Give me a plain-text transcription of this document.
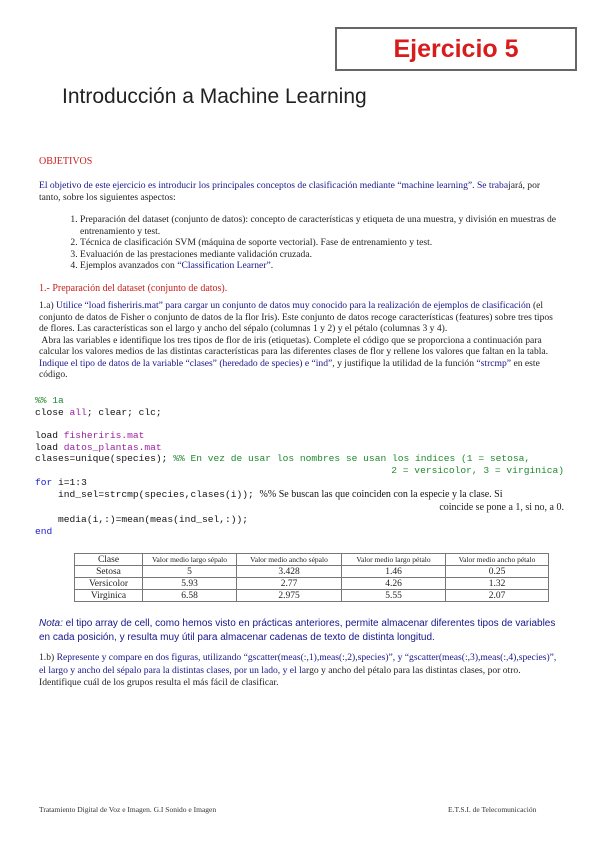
Ejercicio 5
Introducción a Machine Learning
OBJETIVOS
El objetivo de este ejercicio es introducir los principales conceptos de clasificación mediante “machine learning”. Se trabajará, por tanto, sobre los siguientes aspectos:
1. Preparación del dataset (conjunto de datos): concepto de características y etiqueta de una muestra, y división en muestras de entrenamiento y test.
2. Técnica de clasificación SVM (máquina de soporte vectorial). Fase de entrenamiento y test.
3. Evaluación de las prestaciones mediante validación cruzada.
4. Ejemplos avanzados con “Classification Learner”.
1.- Preparación del dataset (conjunto de datos).
1.a) Utilice “load fisheriris.mat” para cargar un conjunto de datos muy conocido para la realización de ejemplos de clasificación (el conjunto de datos de Fisher o conjunto de datos de la flor Iris). Este conjunto de datos recoge características (features) sobre tres tipos de flores. Las características son el largo y ancho del sépalo (columnas 1 y 2) y el pétalo (columnas 3 y 4).
Abra las variables e identifique los tres tipos de flor de iris (etiquetas). Complete el código que se proporciona a continuación para calcular los valores medios de las distintas características para las diferentes clases de flor y rellene los valores que faltan en la tabla. Indique el tipo de datos de la variable “clases” (heredado de species) e “ind”, y justifique la utilidad de la función “strcmp” en este código.
%% 1a
close all; clear; clc;
load fisheriris.mat
load datos_plantas.mat
clases=unique(species); %% En vez de usar los nombres se usan los índices (1 = setosa,
2 = versicolor, 3 = virginica)
for i=1:3
ind_sel=strcmp(species,clases(i)); %% Se buscan las que coinciden con la especie y la clase. Si
coincide se pone a 1, si no, a 0.
media(i,:)=mean(meas(ind_sel,:));
end
Clase	Valor medio largo sépalo	Valor medio ancho sépalo	Valor medio largo pétalo	Valor medio ancho pétalo
Setosa	5	3.428	1.46	0.25
Versicolor	5.93	2.77	4.26	1.32
Virginica	6.58	2.975	5.55	2.07
Nota: el tipo array de cell, como hemos visto en prácticas anteriores, permite almacenar diferentes tipos de variables en cada posición, y resulta muy útil para almacenar cadenas de texto de distinta longitud.
1.b) Represente y compare en dos figuras, utilizando “gscatter(meas(:,1),meas(:,2),species)”, y “gscatter(meas(:,3),meas(:,4),species)”, el largo y ancho del sépalo para la distintas clases, por un lado, y el largo y ancho del pétalo para las distintas clases, por otro. Identifique cuál de los grupos resulta el más fácil de clasificar.
Tratamiento Digital de Voz e Imagen. G.I Sonido e Imagen	E.T.S.I. de Telecomunicación
